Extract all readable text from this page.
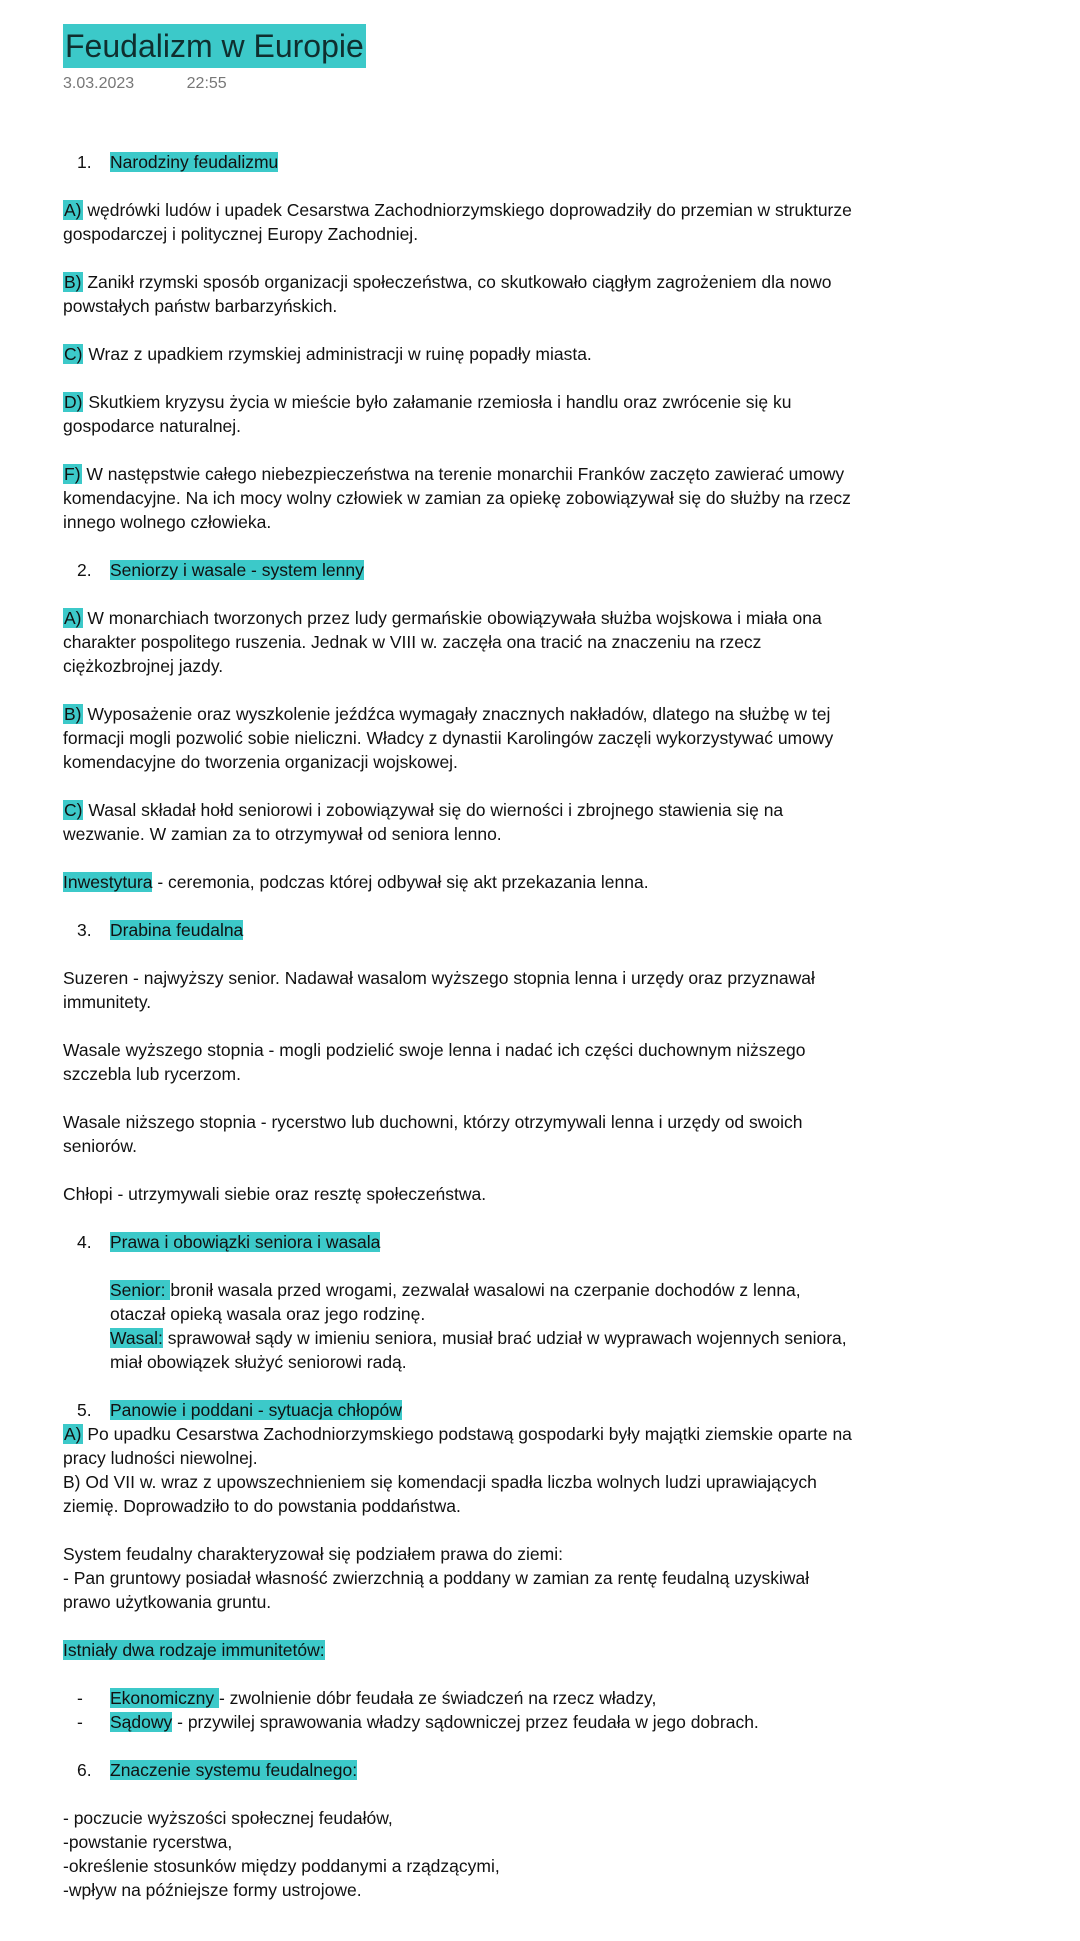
Feudalizm w Europie
3.03.2023	22:55
1. Narodziny feudalizmu

A) wędrówki ludów i upadek Cesarstwa Zachodniorzymskiego doprowadziły do przemian w strukturze gospodarczej i politycznej Europy Zachodniej.

B) Zanikł rzymski sposób organizacji społeczeństwa, co skutkowało ciągłym zagrożeniem dla nowo powstałych państw barbarzyńskich.

C) Wraz z upadkiem rzymskiej administracji w ruinę popadły miasta.

D) Skutkiem kryzysu życia w mieście było załamanie rzemiosła i handlu oraz zwrócenie się ku gospodarce naturalnej.

F) W następstwie całego niebezpieczeństwa na terenie monarchii Franków zaczęto zawierać umowy komendacyjne. Na ich mocy wolny człowiek w zamian za opiekę zobowiązywał się do służby na rzecz innego wolnego człowieka.

2. Seniorzy i wasale - system lenny

A) W monarchiach tworzonych przez ludy germańskie obowiązywała służba wojskowa i miała ona charakter pospolitego ruszenia. Jednak w VIII w. zaczęła ona tracić na znaczeniu na rzecz ciężkozbrojnej jazdy.

B) Wyposażenie oraz wyszkolenie jeźdźca wymagały znacznych nakładów, dlatego na służbę w tej formacji mogli pozwolić sobie nieliczni. Władcy z dynastii Karolingów zaczęli wykorzystywać umowy komendacyjne do tworzenia organizacji wojskowej.

C) Wasal składał hołd seniorowi i zobowiązywał się do wierności i zbrojnego stawienia się na wezwanie. W zamian za to otrzymywał od seniora lenno.

Inwestytura - ceremonia, podczas której odbywał się akt przekazania lenna.

3. Drabina feudalna

Suzeren - najwyższy senior. Nadawał wasalom wyższego stopnia lenna i urzędy oraz przyznawał immunitety.

Wasale wyższego stopnia - mogli podzielić swoje lenna i nadać ich części duchownym niższego szczebla lub rycerzom.

Wasale niższego stopnia - rycerstwo lub duchowni, którzy otrzymywali lenna i urzędy od swoich seniorów.

Chłopi - utrzymywali siebie oraz resztę społeczeństwa.

4. Prawa i obowiązki seniora i wasala

Senior: bronił wasala przed wrogami, zezwalał wasalowi na czerpanie dochodów z lenna, otaczał opieką wasala oraz jego rodzinę.

Wasal: sprawował sądy w imieniu seniora, musiał brać udział w wyprawach wojennych seniora, miał obowiązek służyć seniorowi radą.

5. Panowie i poddani - sytuacja chłopów

A) Po upadku Cesarstwa Zachodniorzymskiego podstawą gospodarki były majątki ziemskie oparte na pracy ludności niewolnej.

B) Od VII w. wraz z upowszechnieniem się komendacji spadła liczba wolnych ludzi uprawiających ziemię. Doprowadziło to do powstania poddaństwa.

System feudalny charakteryzował się podziałem prawa do ziemi:

- Pan gruntowy posiadał własność zwierzchnią a poddany w zamian za rentę feudalną uzyskiwał prawo użytkowania gruntu.

Istniały dwa rodzaje immunitetów:

- Ekonomiczny - zwolnienie dóbr feudała ze świadczeń na rzecz władzy,
- Sądowy - przywilej sprawowania władzy sądowniczej przez feudała w jego dobrach.
6. Znaczenie systemu feudalnego:
- poczucie wyższości społecznej feudałów,
-powstanie rycerstwa,
-określenie stosunków między poddanymi a rządzącymi,
-wpływ na późniejsze formy ustrojowe.
